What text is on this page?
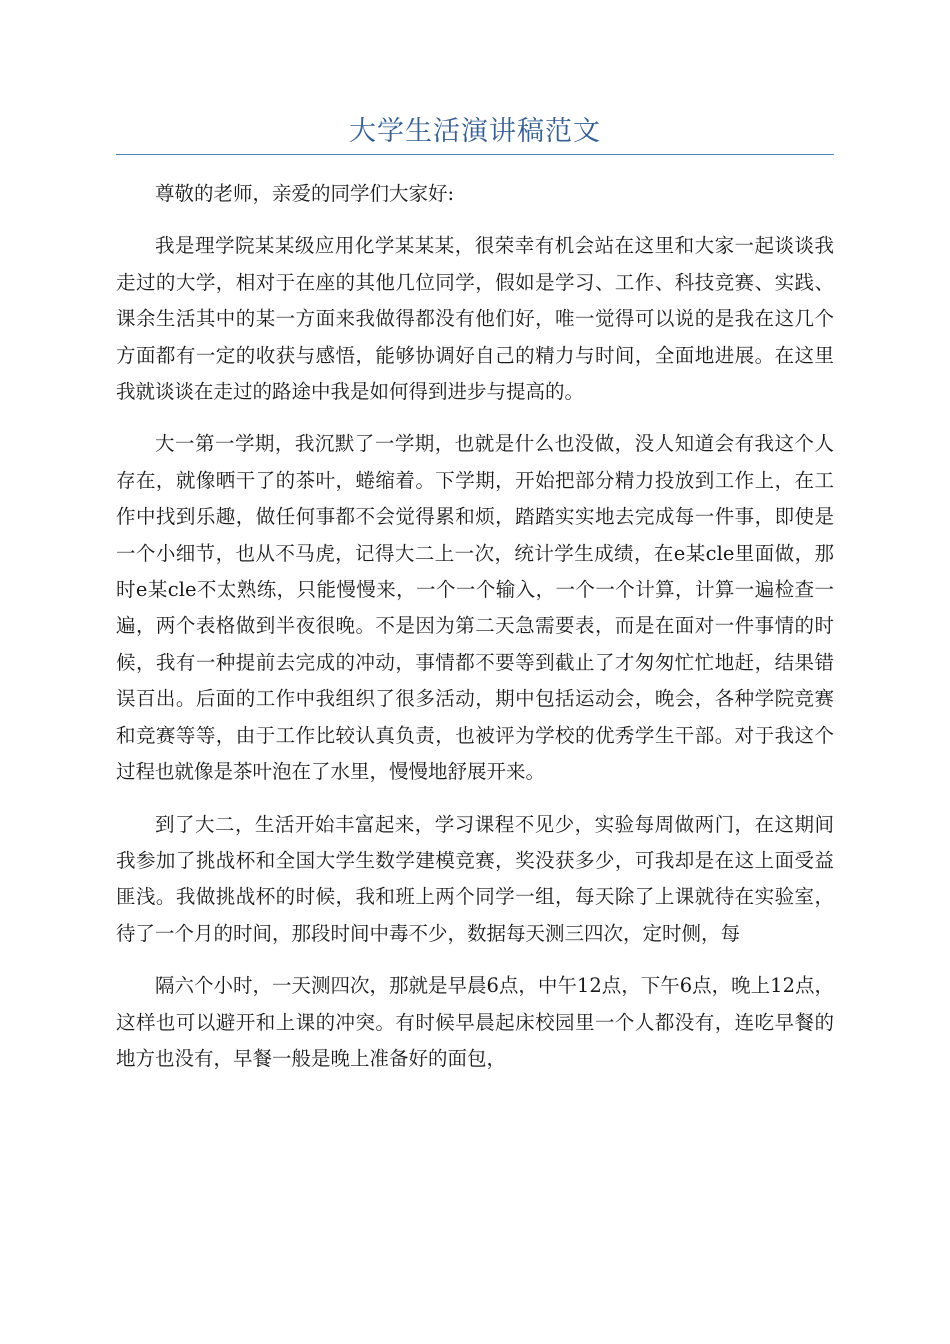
大学生活演讲稿范文

尊敬的老师，亲爱的同学们大家好:

我是理学院某某级应用化学某某某，很荣幸有机会站在这里和大家一起谈谈我走过的大学，相对于在座的其他几位同学，假如是学习、工作、科技竞赛、实践、课余生活其中的某一方面来我做得都没有他们好，唯一觉得可以说的是我在这几个方面都有一定的收获与感悟，能够协调好自己的精力与时间，全面地进展。在这里我就谈谈在走过的路途中我是如何得到进步与提高的。

大一第一学期，我沉默了一学期，也就是什么也没做，没人知道会有我这个人存在，就像晒干了的茶叶，蜷缩着。下学期，开始把部分精力投放到工作上，在工作中找到乐趣，做任何事都不会觉得累和烦，踏踏实实地去完成每一件事，即使是一个小细节，也从不马虎，记得大二上一次，统计学生成绩，在e某cle里面做，那时e某cle不太熟练，只能慢慢来，一个一个输入，一个一个计算，计算一遍检查一遍，两个表格做到半夜很晚。不是因为第二天急需要表，而是在面对一件事情的时候，我有一种提前去完成的冲动，事情都不要等到截止了才匆匆忙忙地赶，结果错误百出。后面的工作中我组织了很多活动，期中包括运动会，晚会，各种学院竞赛和竞赛等等，由于工作比较认真负责，也被评为学校的优秀学生干部。对于我这个过程也就像是茶叶泡在了水里，慢慢地舒展开来。

到了大二，生活开始丰富起来，学习课程不见少，实验每周做两门，在这期间我参加了挑战杯和全国大学生数学建模竞赛，奖没获多少，可我却是在这上面受益匪浅。我做挑战杯的时候，我和班上两个同学一组，每天除了上课就待在实验室，待了一个月的时间，那段时间中毒不少，数据每天测三四次，定时侧，每

隔六个小时，一天测四次，那就是早晨6点，中午12点，下午6点，晚上12点，这样也可以避开和上课的冲突。有时候早晨起床校园里一个人都没有，连吃早餐的地方也没有，早餐一般是晚上准备好的面包，
